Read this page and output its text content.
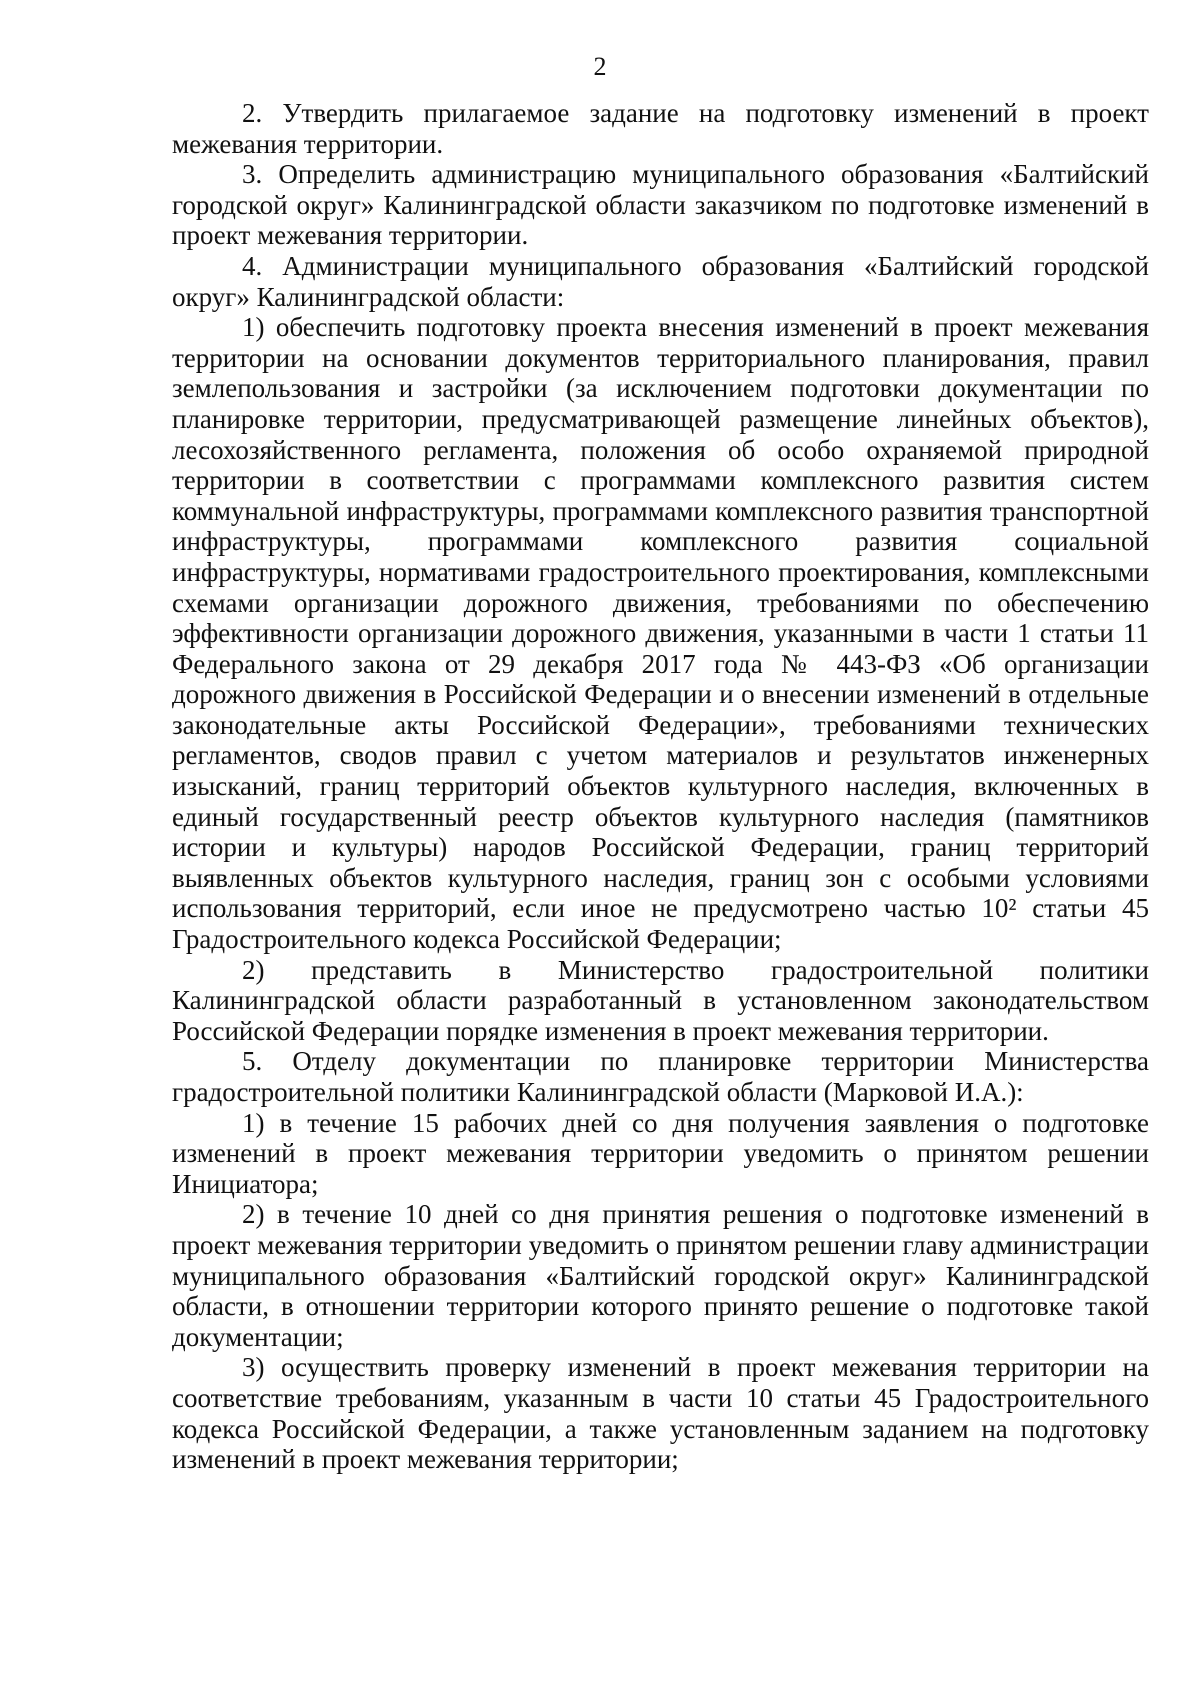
2

2. Утвердить прилагаемое задание на подготовку изменений в проект межевания территории.

3. Определить администрацию муниципального образования «Балтийский городской округ» Калининградской области заказчиком по подготовке изменений в проект межевания территории.

4. Администрации муниципального образования «Балтийский городской округ» Калининградской области:

1) обеспечить подготовку проекта внесения изменений в проект межевания территории на основании документов территориального планирования, правил землепользования и застройки (за исключением подготовки документации по планировке территории, предусматривающей размещение линейных объектов), лесохозяйственного регламента, положения об особо охраняемой природной территории в соответствии с программами комплексного развития систем коммунальной инфраструктуры, программами комплексного развития транспортной инфраструктуры, программами комплексного развития социальной инфраструктуры, нормативами градостроительного проектирования, комплексными схемами организации дорожного движения, требованиями по обеспечению эффективности организации дорожного движения, указанными в части 1 статьи 11 Федерального закона от 29 декабря 2017 года № 443-ФЗ «Об организации дорожного движения в Российской Федерации и о внесении изменений в отдельные законодательные акты Российской Федерации», требованиями технических регламентов, сводов правил с учетом материалов и результатов инженерных изысканий, границ территорий объектов культурного наследия, включенных в единый государственный реестр объектов культурного наследия (памятников истории и культуры) народов Российской Федерации, границ территорий выявленных объектов культурного наследия, границ зон с особыми условиями использования территорий, если иное не предусмотрено частью 10² статьи 45 Градостроительного кодекса Российской Федерации;

2) представить в Министерство градостроительной политики Калининградской области разработанный в установленном законодательством Российской Федерации порядке изменения в проект межевания территории.

5. Отделу документации по планировке территории Министерства градостроительной политики Калининградской области (Марковой И.А.):

1) в течение 15 рабочих дней со дня получения заявления о подготовке изменений в проект межевания территории уведомить о принятом решении Инициатора;

2) в течение 10 дней со дня принятия решения о подготовке изменений в проект межевания территории уведомить о принятом решении главу администрации муниципального образования «Балтийский городской округ» Калининградской области, в отношении территории которого принято решение о подготовке такой документации;

3) осуществить проверку изменений в проект межевания территории на соответствие требованиям, указанным в части 10 статьи 45 Градостроительного кодекса Российской Федерации, а также установленным заданием на подготовку изменений в проект межевания территории;
